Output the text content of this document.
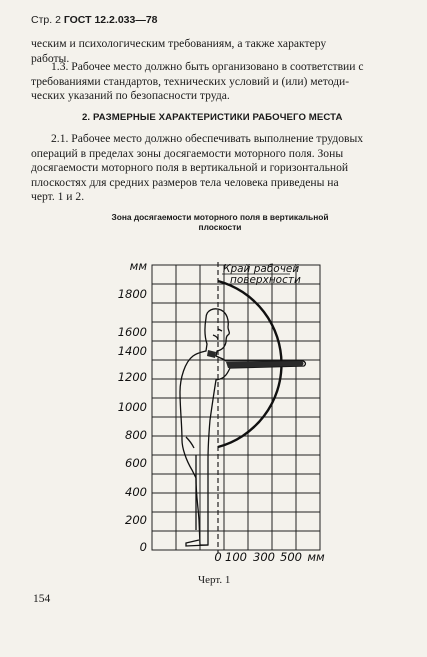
Стр. 2 ГОСТ 12.2.033—78
ческим и психологическим требованиям, а также характеру
работы.
1.3. Рабочее место должно быть организовано в соответствии с
требованиями стандартов, технических условий и (или) методи-
ческих указаний по безопасности труда.
2. РАЗМЕРНЫЕ ХАРАКТЕРИСТИКИ РАБОЧЕГО МЕСТА
2.1. Рабочее место должно обеспечивать выполнение трудовых
операций в пределах зоны досягаемости моторного поля. Зоны
досягаемости моторного поля в вертикальной и горизонтальной
плоскостях для средних размеров тела человека приведены на
черт. 1 и 2.
Зона досягаемости моторного поля в вертикальной
плоскости
1800
1600
1400
1200
1000
800
600
400
200
0
мм
0 100 300 500 мм
Край рабочей
поверхности
Черт. 1
154
